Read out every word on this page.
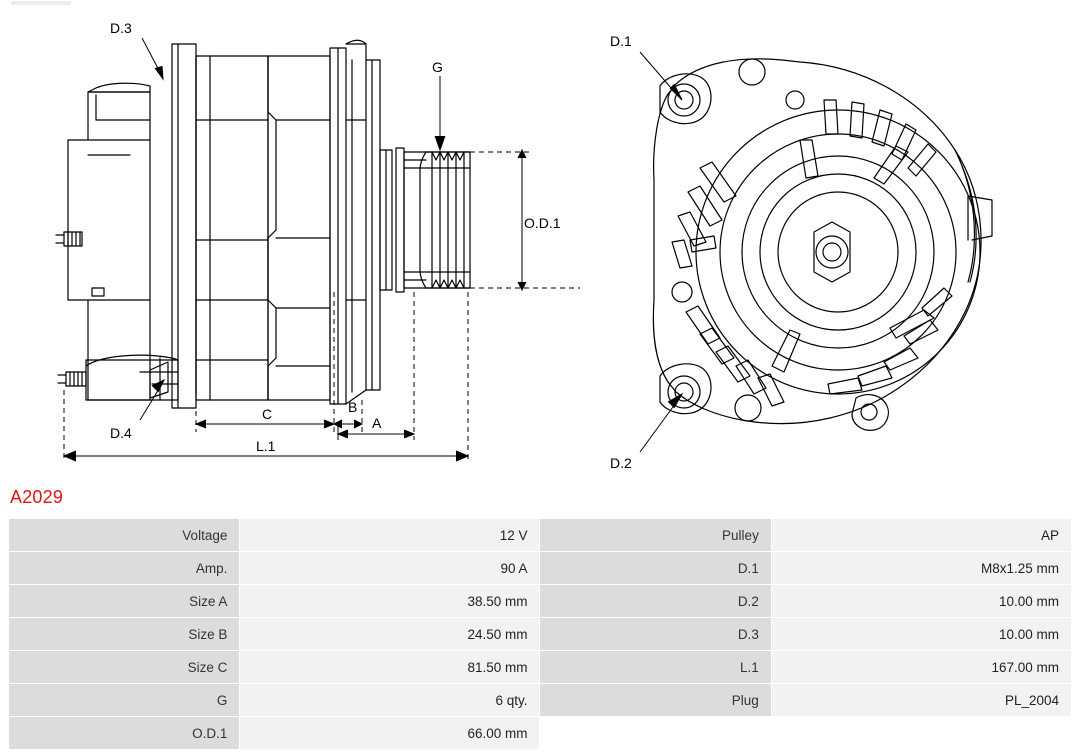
D.3
G
O.D.1
D.4
C	B
A
L.1
D.1
D.2
A2029
Voltage	12 V	Pulley	AP
Amp.	90 A	D.1	M8x1.25 mm
Size A	38.50 mm	D.2	10.00 mm
Size B	24.50 mm	D.3	10.00 mm
Size C	81.50 mm	L.1	167.00 mm
G	6 qty.	Plug	PL_2004
O.D.1	66.00 mm		
